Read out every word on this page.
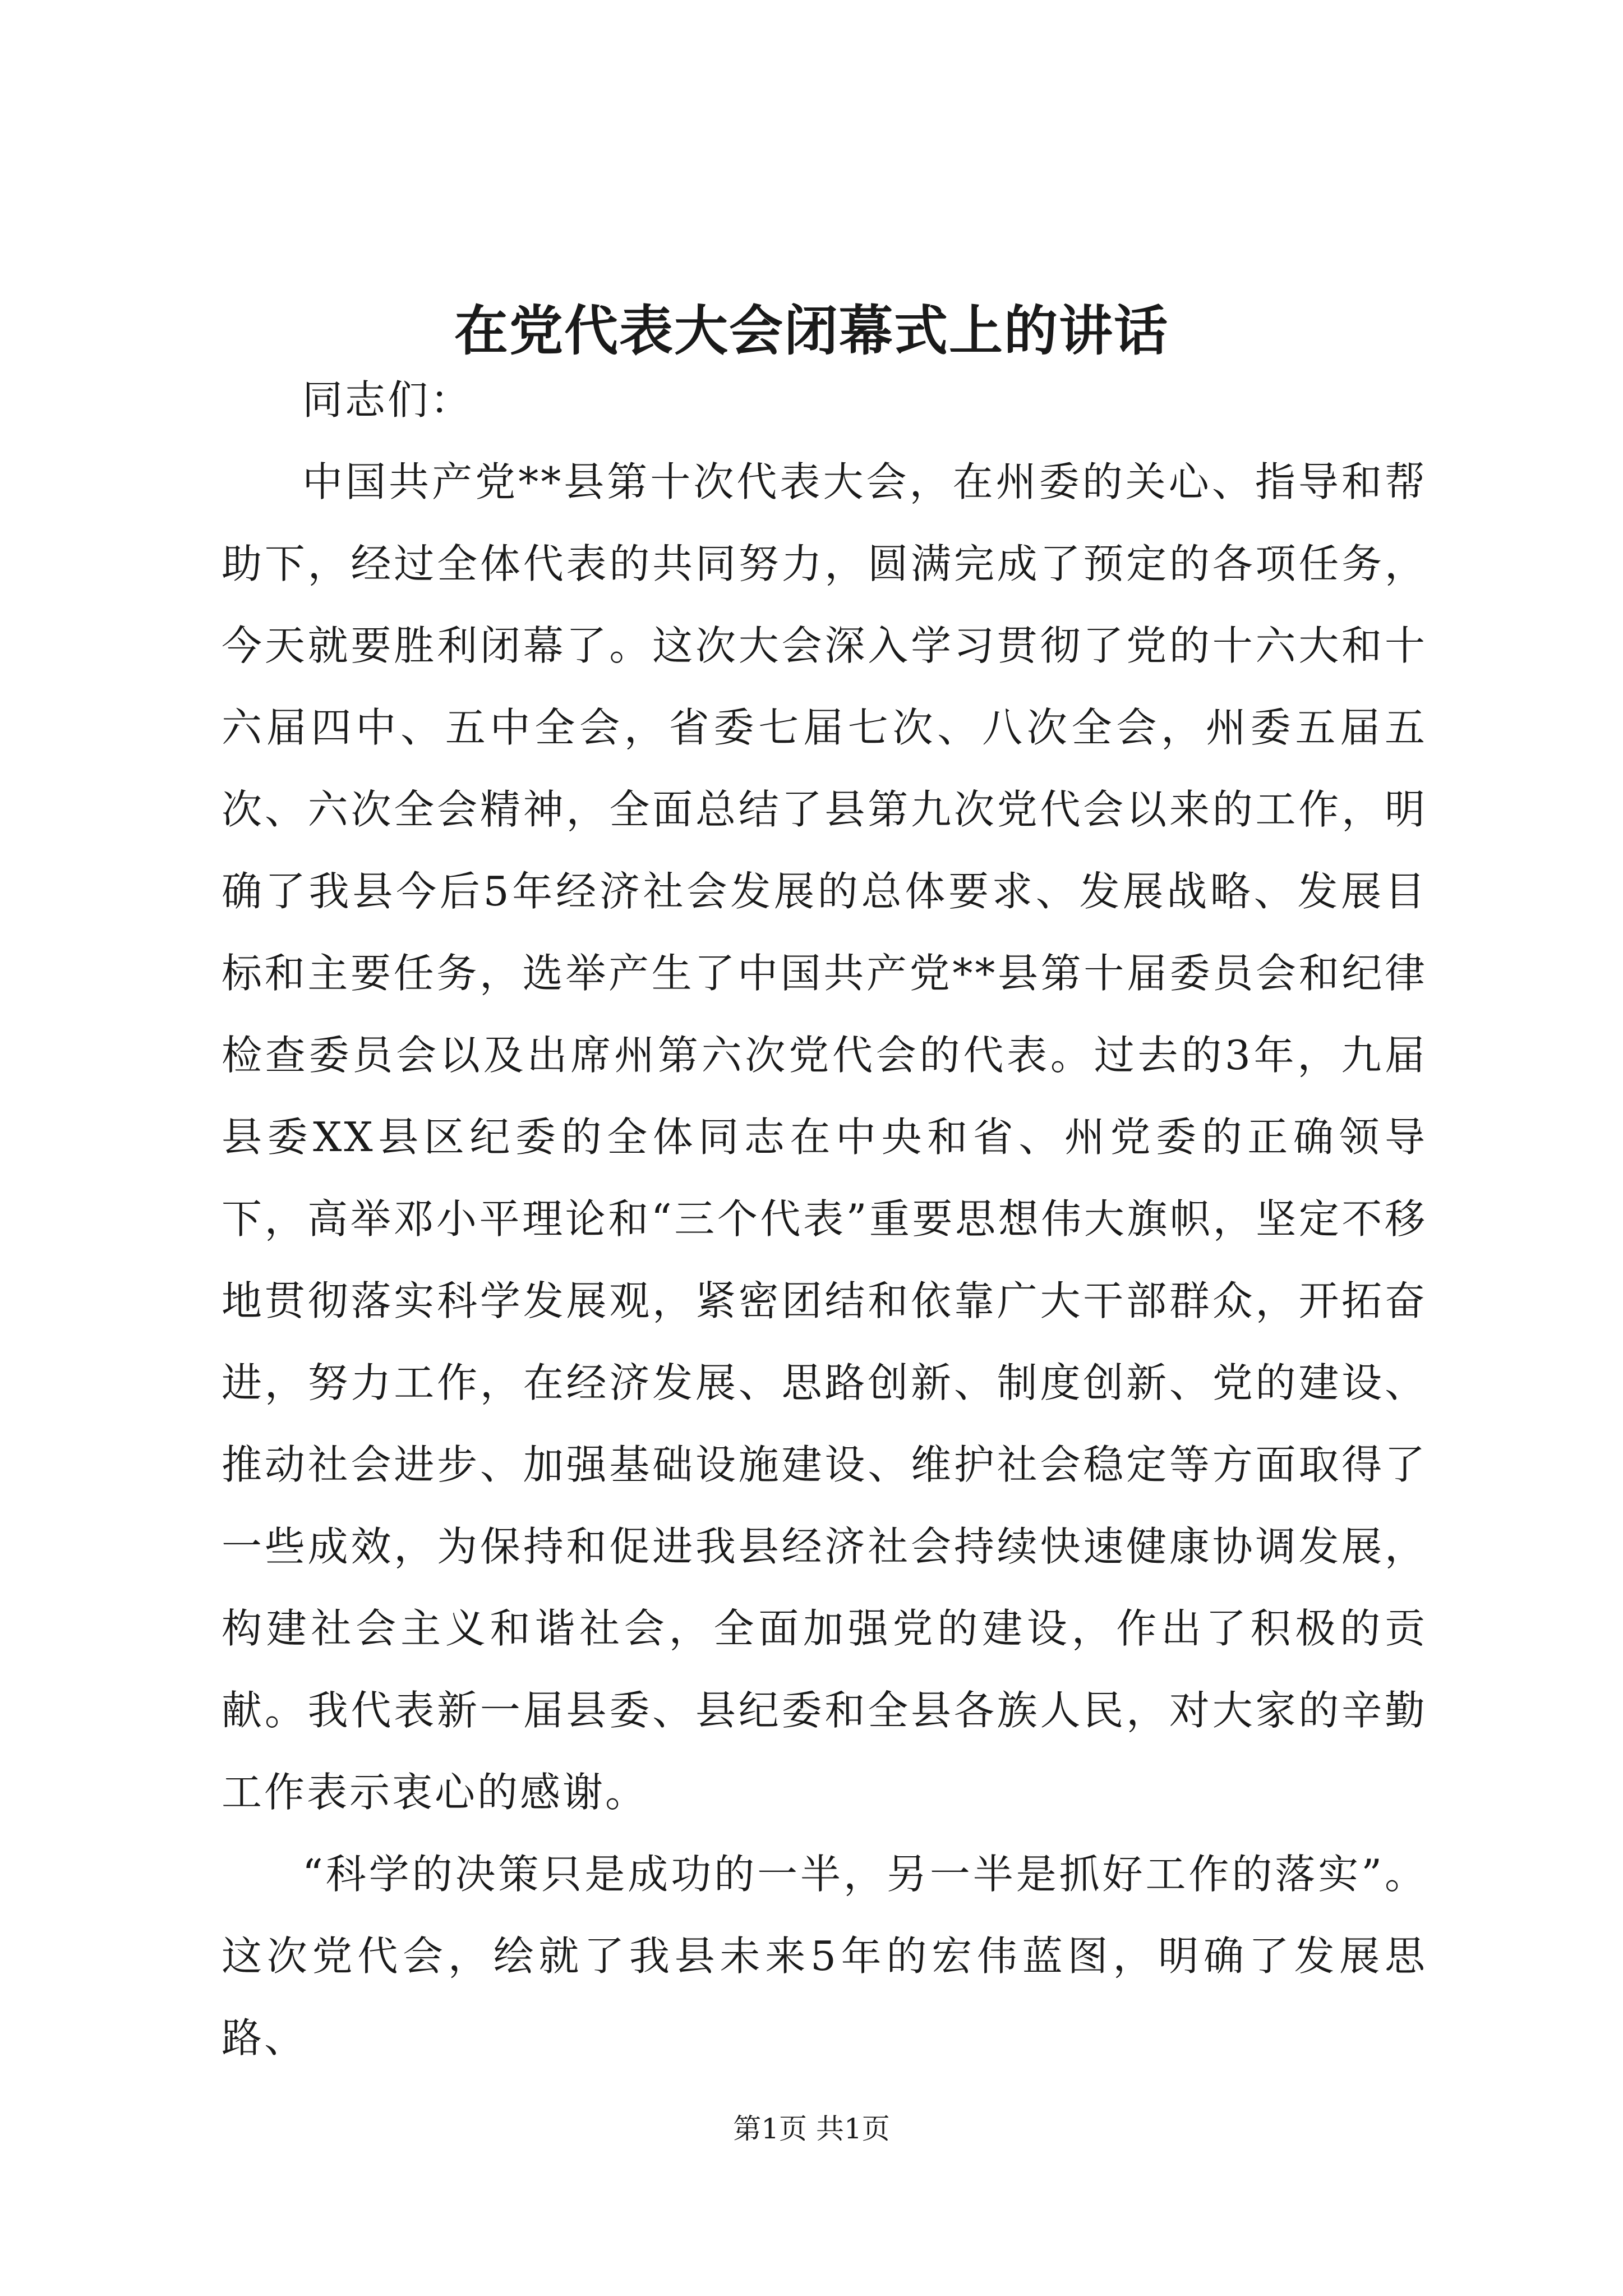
在党代表大会闭幕式上的讲话

同志们：

中国共产党**县第十次代表大会，在州委的关心、指导和帮助下，经过全体代表的共同努力，圆满完成了预定的各项任务，今天就要胜利闭幕了。这次大会深入学习贯彻了党的十六大和十六届四中、五中全会，省委七届七次、八次全会，州委五届五次、六次全会精神，全面总结了县第九次党代会以来的工作，明确了我县今后5年经济社会发展的总体要求、发展战略、发展目标和主要任务，选举产生了中国共产党**县第十届委员会和纪律检查委员会以及出席州第六次党代会的代表。过去的3年，九届县委XX县区纪委的全体同志在中央和省、州党委的正确领导下，高举邓小平理论和“三个代表”重要思想伟大旗帜，坚定不移地贯彻落实科学发展观，紧密团结和依靠广大干部群众，开拓奋进，努力工作，在经济发展、思路创新、制度创新、党的建设、推动社会进步、加强基础设施建设、维护社会稳定等方面取得了一些成效，为保持和促进我县经济社会持续快速健康协调发展，构建社会主义和谐社会，全面加强党的建设，作出了积极的贡献。我代表新一届县委、县纪委和全县各族人民，对大家的辛勤工作表示衷心的感谢。

“科学的决策只是成功的一半，另一半是抓好工作的落实”。这次党代会，绘就了我县未来5年的宏伟蓝图，明确了发展思路、

第1页 共1页
